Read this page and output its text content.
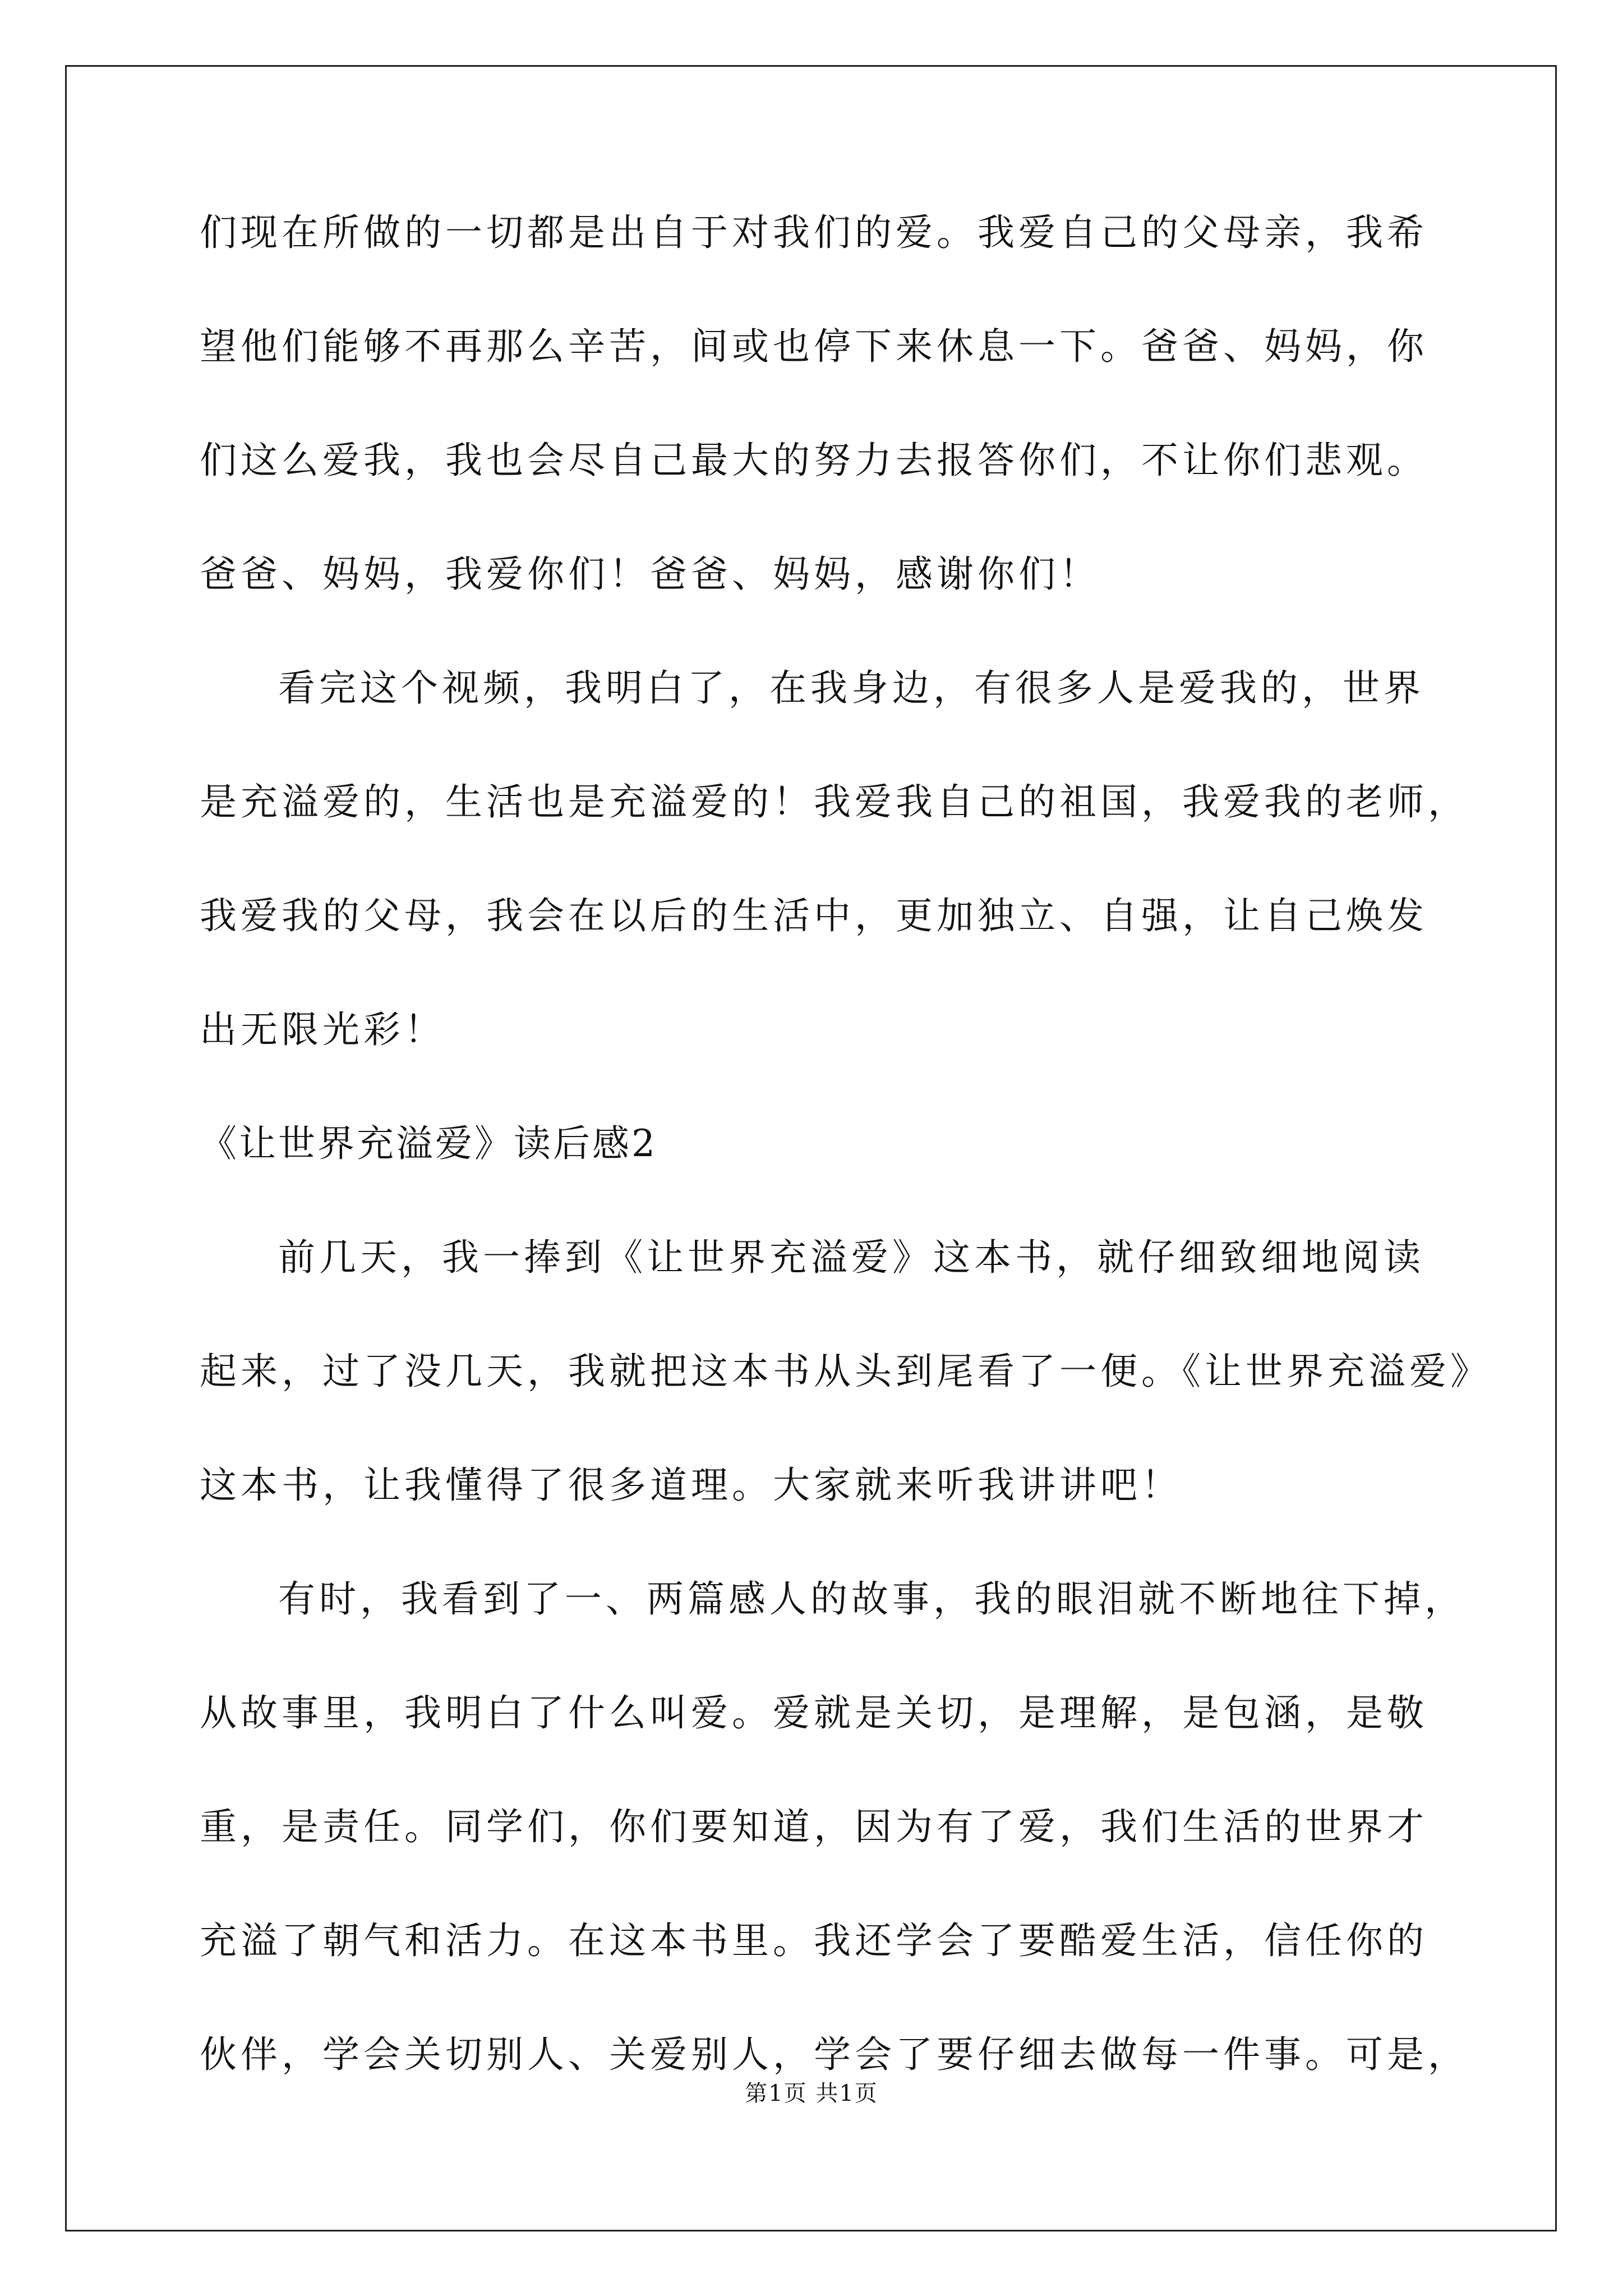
们现在所做的一切都是出自于对我们的爱。我爱自己的父母亲，我希
望他们能够不再那么辛苦，间或也停下来休息一下。爸爸、妈妈，你
们这么爱我，我也会尽自己最大的努力去报答你们，不让你们悲观。
爸爸、妈妈，我爱你们！爸爸、妈妈，感谢你们！
看完这个视频，我明白了，在我身边，有很多人是爱我的，世界
是充溢爱的，生活也是充溢爱的！我爱我自己的祖国，我爱我的老师，
我爱我的父母，我会在以后的生活中，更加独立、自强，让自己焕发
出无限光彩！
《让世界充溢爱》读后感2
前几天，我一捧到《让世界充溢爱》这本书，就仔细致细地阅读
起来，过了没几天，我就把这本书从头到尾看了一便。《让世界充溢爱》
这本书，让我懂得了很多道理。大家就来听我讲讲吧！
有时，我看到了一、两篇感人的故事，我的眼泪就不断地往下掉，
从故事里，我明白了什么叫爱。爱就是关切，是理解，是包涵，是敬
重，是责任。同学们，你们要知道，因为有了爱，我们生活的世界才
充溢了朝气和活力。在这本书里。我还学会了要酷爱生活，信任你的
伙伴，学会关切别人、关爱别人，学会了要仔细去做每一件事。可是，
第1页 共1页
